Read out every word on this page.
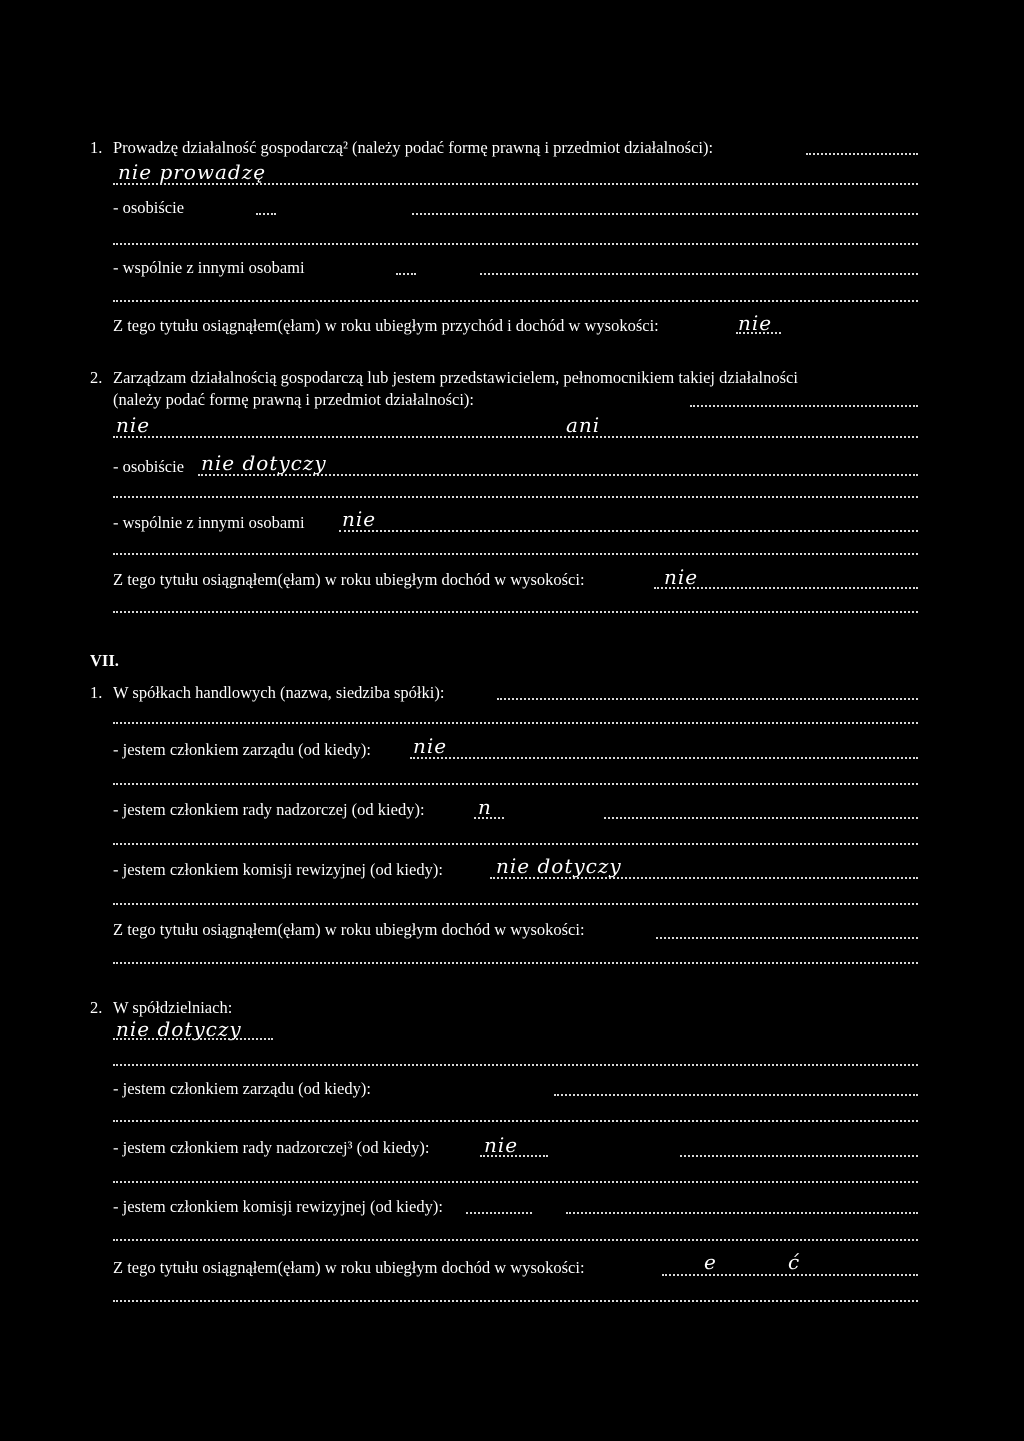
1. Prowadzę działalność gospodarczą² (należy podać formę prawną i przedmiot działalności):
nie prowadzę
- osobiście
- wspólnie z innymi osobami
Z tego tytułu osiągnąłem(ęłam) w roku ubiegłym przychód i dochód w wysokości:	nie
2. Zarządzam działalnością gospodarczą lub jestem przedstawicielem, pełnomocnikiem takiej działalności
(należy podać formę prawną i przedmiot działalności):
nie	ani
- osobiście nie dotyczy
- wspólnie z innymi osobami nie
Z tego tytułu osiągnąłem(ęłam) w roku ubiegłym dochód w wysokości:	nie
VII.
1. W spółkach handlowych (nazwa, siedziba spółki):
- jestem członkiem zarządu (od kiedy): nie
- jestem członkiem rady nadzorczej (od kiedy):	n
- jestem członkiem komisji rewizyjnej (od kiedy):	nie dotyczy
Z tego tytułu osiągnąłem(ęłam) w roku ubiegłym dochód w wysokości:
2. W spółdzielniach:
nie dotyczy
- jestem członkiem zarządu (od kiedy):
- jestem członkiem rady nadzorczej³ (od kiedy):	nie
- jestem członkiem komisji rewizyjnej (od kiedy):
Z tego tytułu osiągnąłem(ęłam) w roku ubiegłym dochód w wysokości:	e	ć
